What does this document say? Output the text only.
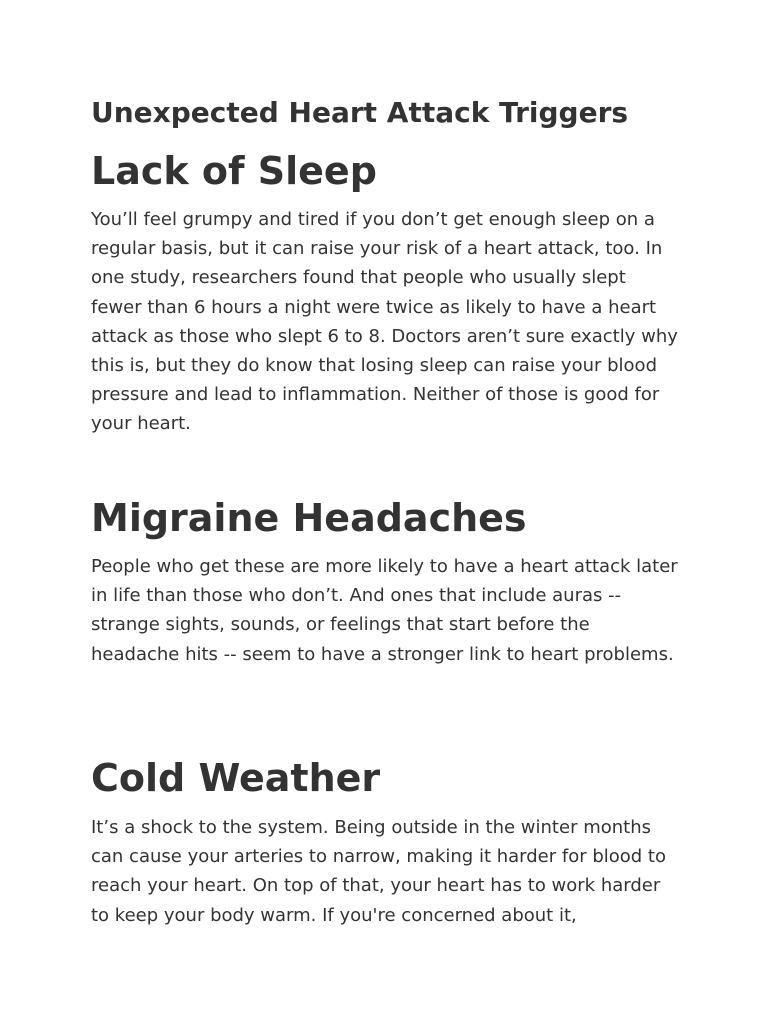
Unexpected Heart Attack Triggers
Lack of Sleep

You’ll feel grumpy and tired if you don’t get enough sleep on a regular basis, but it can raise your risk of a heart attack, too. In one study, researchers found that people who usually slept fewer than 6 hours a night were twice as likely to have a heart attack as those who slept 6 to 8. Doctors aren’t sure exactly why this is, but they do know that losing sleep can raise your blood pressure and lead to inflammation. Neither of those is good for your heart.

Migraine Headaches

People who get these are more likely to have a heart attack later in life than those who don’t. And ones that include auras -- strange sights, sounds, or feelings that start before the headache hits -- seem to have a stronger link to heart problems.

Cold Weather

It’s a shock to the system. Being outside in the winter months can cause your arteries to narrow, making it harder for blood to reach your heart. On top of that, your heart has to work harder to keep your body warm. If you're concerned about it,
